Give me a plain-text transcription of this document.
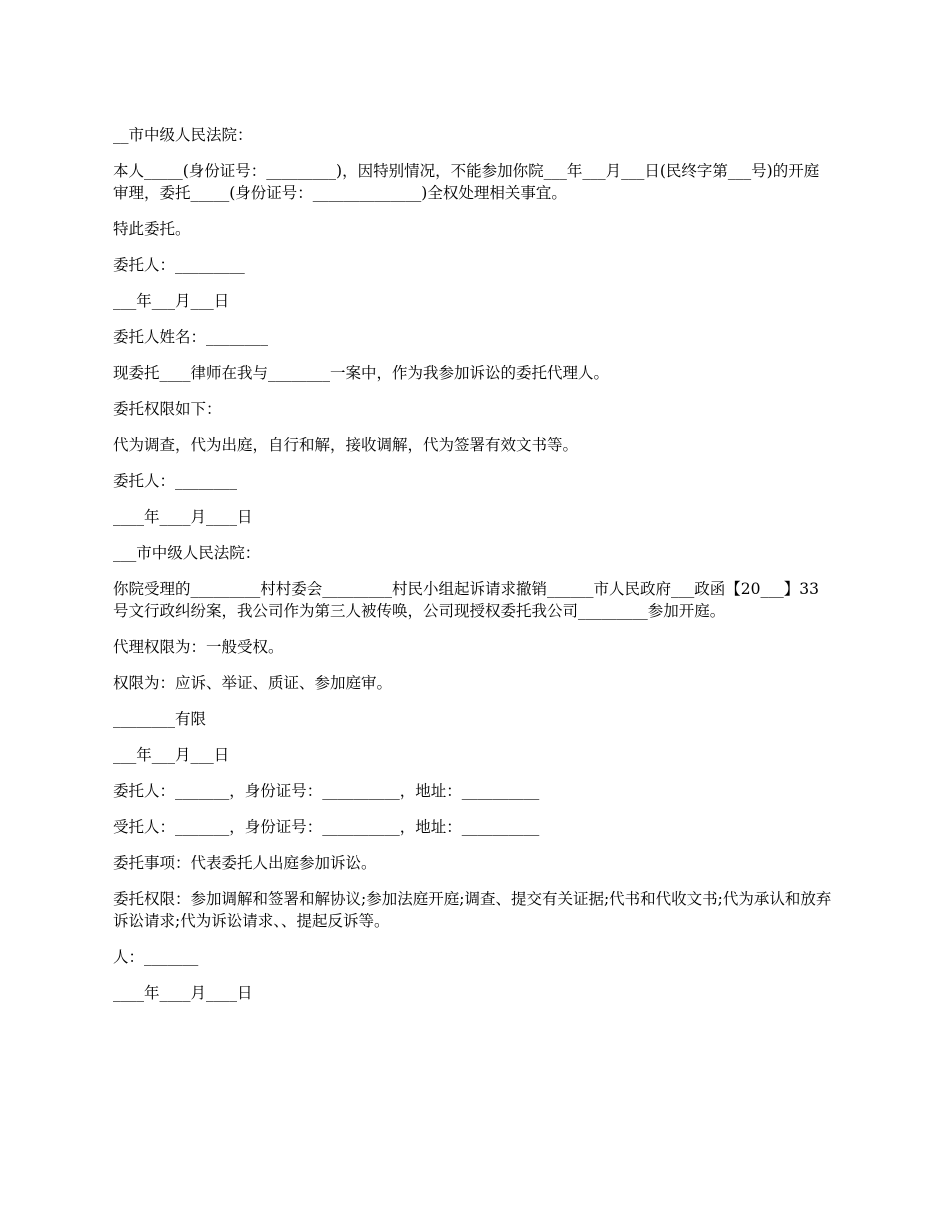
__市中级人民法院：

本人_____(身份证号：_________)，因特别情况，不能参加你院___年___月___日(民终字第___号)的开庭审理，委托_____(身份证号：______________)全权处理相关事宜。

特此委托。

委托人：_________

___年___月___日

委托人姓名：________

现委托____律师在我与________一案中，作为我参加诉讼的委托代理人。

委托权限如下：

代为调查，代为出庭，自行和解，接收调解，代为签署有效文书等。

委托人：________

____年____月____日

___市中级人民法院：

你院受理的_________村村委会_________村民小组起诉请求撤销______市人民政府___政函【20___】33号文行政纠纷案，我公司作为第三人被传唤，公司现授权委托我公司_________参加开庭。

代理权限为：一般受权。

权限为：应诉、举证、质证、参加庭审。

________有限

___年___月___日

委托人：_______，身份证号：__________，地址：__________

受托人：_______，身份证号：__________，地址：__________

委托事项：代表委托人出庭参加诉讼。

委托权限：参加调解和签署和解协议;参加法庭开庭;调查、提交有关证据;代书和代收文书;代为承认和放弃诉讼请求;代为诉讼请求、、提起反诉等。

人：_______

____年____月____日
